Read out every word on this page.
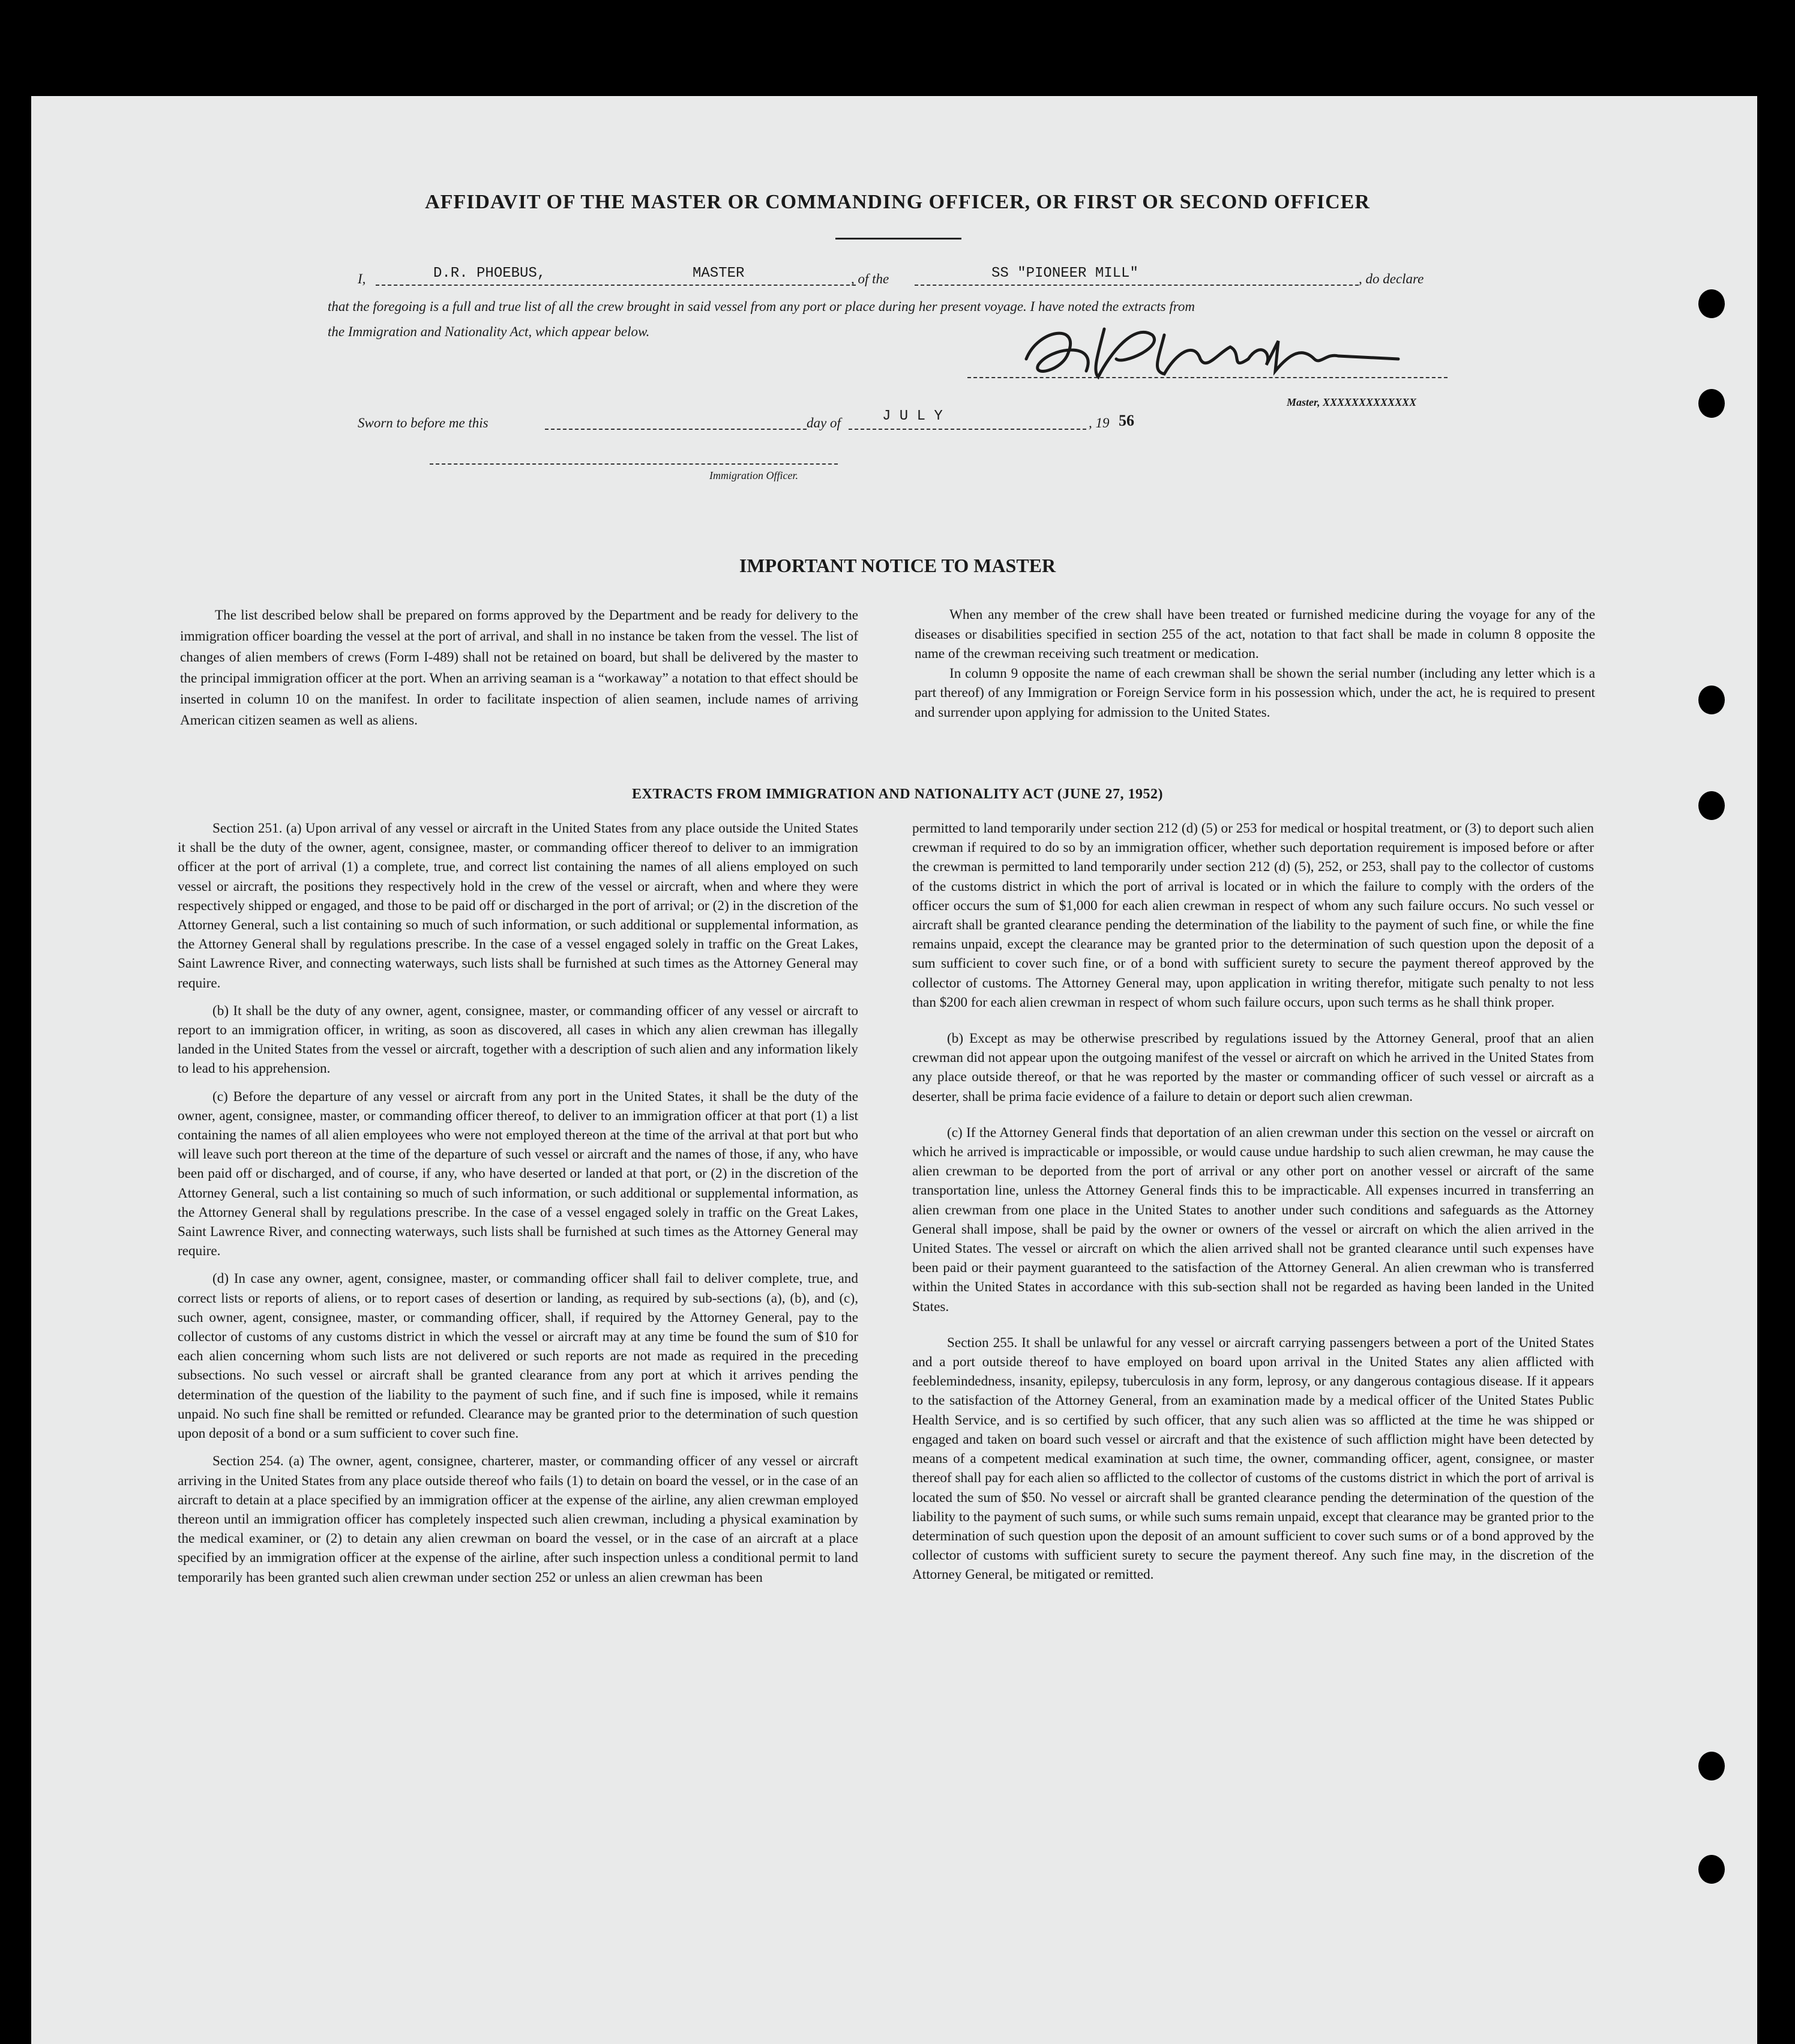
AFFIDAVIT OF THE MASTER OR COMMANDING OFFICER, OR FIRST OR SECOND OFFICER
I,	D.R. PHOEBUS,	MASTER	, of the	SS "PIONEER MILL"	, do declare
that the foregoing is a full and true list of all the crew brought in said vessel from any port or place during her present voyage. I have noted the extracts from
the Immigration and Nationality Act, which appear below.
Master, XXXXXXXXXXXXX
Sworn to before me this	day of	J U L Y	, 19 56
Immigration Officer.
IMPORTANT NOTICE TO MASTER

The list described below shall be prepared on forms approved by the Department and be ready for delivery to the immigration officer boarding the vessel at the port of arrival, and shall in no instance be taken from the vessel. The list of changes of alien members of crews (Form I-489) shall not be retained on board, but shall be delivered by the master to the principal immigration officer at the port. When an arriving seaman is a “workaway” a notation to that effect should be inserted in column 10 on the manifest. In order to facilitate inspection of alien seamen, include names of arriving American citizen seamen as well as aliens.

When any member of the crew shall have been treated or furnished medicine during the voyage for any of the diseases or disabilities specified in section 255 of the act, notation to that fact shall be made in column 8 opposite the name of the crewman receiving such treatment or medication.

In column 9 opposite the name of each crewman shall be shown the serial number (including any letter which is a part thereof) of any Immigration or Foreign Service form in his possession which, under the act, he is required to present and surrender upon applying for admission to the United States.

EXTRACTS FROM IMMIGRATION AND NATIONALITY ACT (JUNE 27, 1952)

Section 251. (a) Upon arrival of any vessel or aircraft in the United States from any place outside the United States it shall be the duty of the owner, agent, consignee, master, or commanding officer thereof to deliver to an immigration officer at the port of arrival (1) a complete, true, and correct list containing the names of all aliens employed on such vessel or aircraft, the positions they respectively hold in the crew of the vessel or aircraft, when and where they were respectively shipped or engaged, and those to be paid off or discharged in the port of arrival; or (2) in the discretion of the Attorney General, such a list containing so much of such information, or such additional or supplemental information, as the Attorney General shall by regulations prescribe. In the case of a vessel engaged solely in traffic on the Great Lakes, Saint Lawrence River, and connecting waterways, such lists shall be furnished at such times as the Attorney General may require.

(b) It shall be the duty of any owner, agent, consignee, master, or commanding officer of any vessel or aircraft to report to an immigration officer, in writing, as soon as discovered, all cases in which any alien crewman has illegally landed in the United States from the vessel or aircraft, together with a description of such alien and any information likely to lead to his apprehension.

(c) Before the departure of any vessel or aircraft from any port in the United States, it shall be the duty of the owner, agent, consignee, master, or commanding officer thereof, to deliver to an immigration officer at that port (1) a list containing the names of all alien employees who were not employed thereon at the time of the arrival at that port but who will leave such port thereon at the time of the departure of such vessel or aircraft and the names of those, if any, who have been paid off or discharged, and of course, if any, who have deserted or landed at that port, or (2) in the discretion of the Attorney General, such a list containing so much of such information, or such additional or supplemental information, as the Attorney General shall by regulations prescribe. In the case of a vessel engaged solely in traffic on the Great Lakes, Saint Lawrence River, and connecting waterways, such lists shall be furnished at such times as the Attorney General may require.

(d) In case any owner, agent, consignee, master, or commanding officer shall fail to deliver complete, true, and correct lists or reports of aliens, or to report cases of desertion or landing, as required by sub-sections (a), (b), and (c), such owner, agent, consignee, master, or commanding officer, shall, if required by the Attorney General, pay to the collector of customs of any customs district in which the vessel or aircraft may at any time be found the sum of $10 for each alien concerning whom such lists are not delivered or such reports are not made as required in the preceding subsections. No such vessel or aircraft shall be granted clearance from any port at which it arrives pending the determination of the question of the liability to the payment of such fine, and if such fine is imposed, while it remains unpaid. No such fine shall be remitted or refunded. Clearance may be granted prior to the determination of such question upon deposit of a bond or a sum sufficient to cover such fine.

Section 254. (a) The owner, agent, consignee, charterer, master, or commanding officer of any vessel or aircraft arriving in the United States from any place outside thereof who fails (1) to detain on board the vessel, or in the case of an aircraft to detain at a place specified by an immigration officer at the expense of the airline, any alien crewman employed thereon until an immigration officer has completely inspected such alien crewman, including a physical examination by the medical examiner, or (2) to detain any alien crewman on board the vessel, or in the case of an aircraft at a place specified by an immigration officer at the expense of the airline, after such inspection unless a conditional permit to land temporarily has been granted such alien crewman under section 252 or unless an alien crewman has been

permitted to land temporarily under section 212 (d) (5) or 253 for medical or hospital treatment, or (3) to deport such alien crewman if required to do so by an immigration officer, whether such deportation requirement is imposed before or after the crewman is permitted to land temporarily under section 212 (d) (5), 252, or 253, shall pay to the collector of customs of the customs district in which the port of arrival is located or in which the failure to comply with the orders of the officer occurs the sum of $1,000 for each alien crewman in respect of whom any such failure occurs. No such vessel or aircraft shall be granted clearance pending the determination of the liability to the payment of such fine, or while the fine remains unpaid, except the clearance may be granted prior to the determination of such question upon the deposit of a sum sufficient to cover such fine, or of a bond with sufficient surety to secure the payment thereof approved by the collector of customs. The Attorney General may, upon application in writing therefor, mitigate such penalty to not less than $200 for each alien crewman in respect of whom such failure occurs, upon such terms as he shall think proper.

(b) Except as may be otherwise prescribed by regulations issued by the Attorney General, proof that an alien crewman did not appear upon the outgoing manifest of the vessel or aircraft on which he arrived in the United States from any place outside thereof, or that he was reported by the master or commanding officer of such vessel or aircraft as a deserter, shall be prima facie evidence of a failure to detain or deport such alien crewman.

(c) If the Attorney General finds that deportation of an alien crewman under this section on the vessel or aircraft on which he arrived is impracticable or impossible, or would cause undue hardship to such alien crewman, he may cause the alien crewman to be deported from the port of arrival or any other port on another vessel or aircraft of the same transportation line, unless the Attorney General finds this to be impracticable. All expenses incurred in transferring an alien crewman from one place in the United States to another under such conditions and safeguards as the Attorney General shall impose, shall be paid by the owner or owners of the vessel or aircraft on which the alien arrived in the United States. The vessel or aircraft on which the alien arrived shall not be granted clearance until such expenses have been paid or their payment guaranteed to the satisfaction of the Attorney General. An alien crewman who is transferred within the United States in accordance with this sub-section shall not be regarded as having been landed in the United States.

Section 255. It shall be unlawful for any vessel or aircraft carrying passengers between a port of the United States and a port outside thereof to have employed on board upon arrival in the United States any alien afflicted with feeblemindedness, insanity, epilepsy, tuberculosis in any form, leprosy, or any dangerous contagious disease. If it appears to the satisfaction of the Attorney General, from an examination made by a medical officer of the United States Public Health Service, and is so certified by such officer, that any such alien was so afflicted at the time he was shipped or engaged and taken on board such vessel or aircraft and that the existence of such affliction might have been detected by means of a competent medical examination at such time, the owner, commanding officer, agent, consignee, or master thereof shall pay for each alien so afflicted to the collector of customs of the customs district in which the port of arrival is located the sum of $50. No vessel or aircraft shall be granted clearance pending the determination of the question of the liability to the payment of such sums, or while such sums remain unpaid, except that clearance may be granted prior to the determination of such question upon the deposit of an amount sufficient to cover such sums or of a bond approved by the collector of customs with sufficient surety to secure the payment thereof. Any such fine may, in the discretion of the Attorney General, be mitigated or remitted.
